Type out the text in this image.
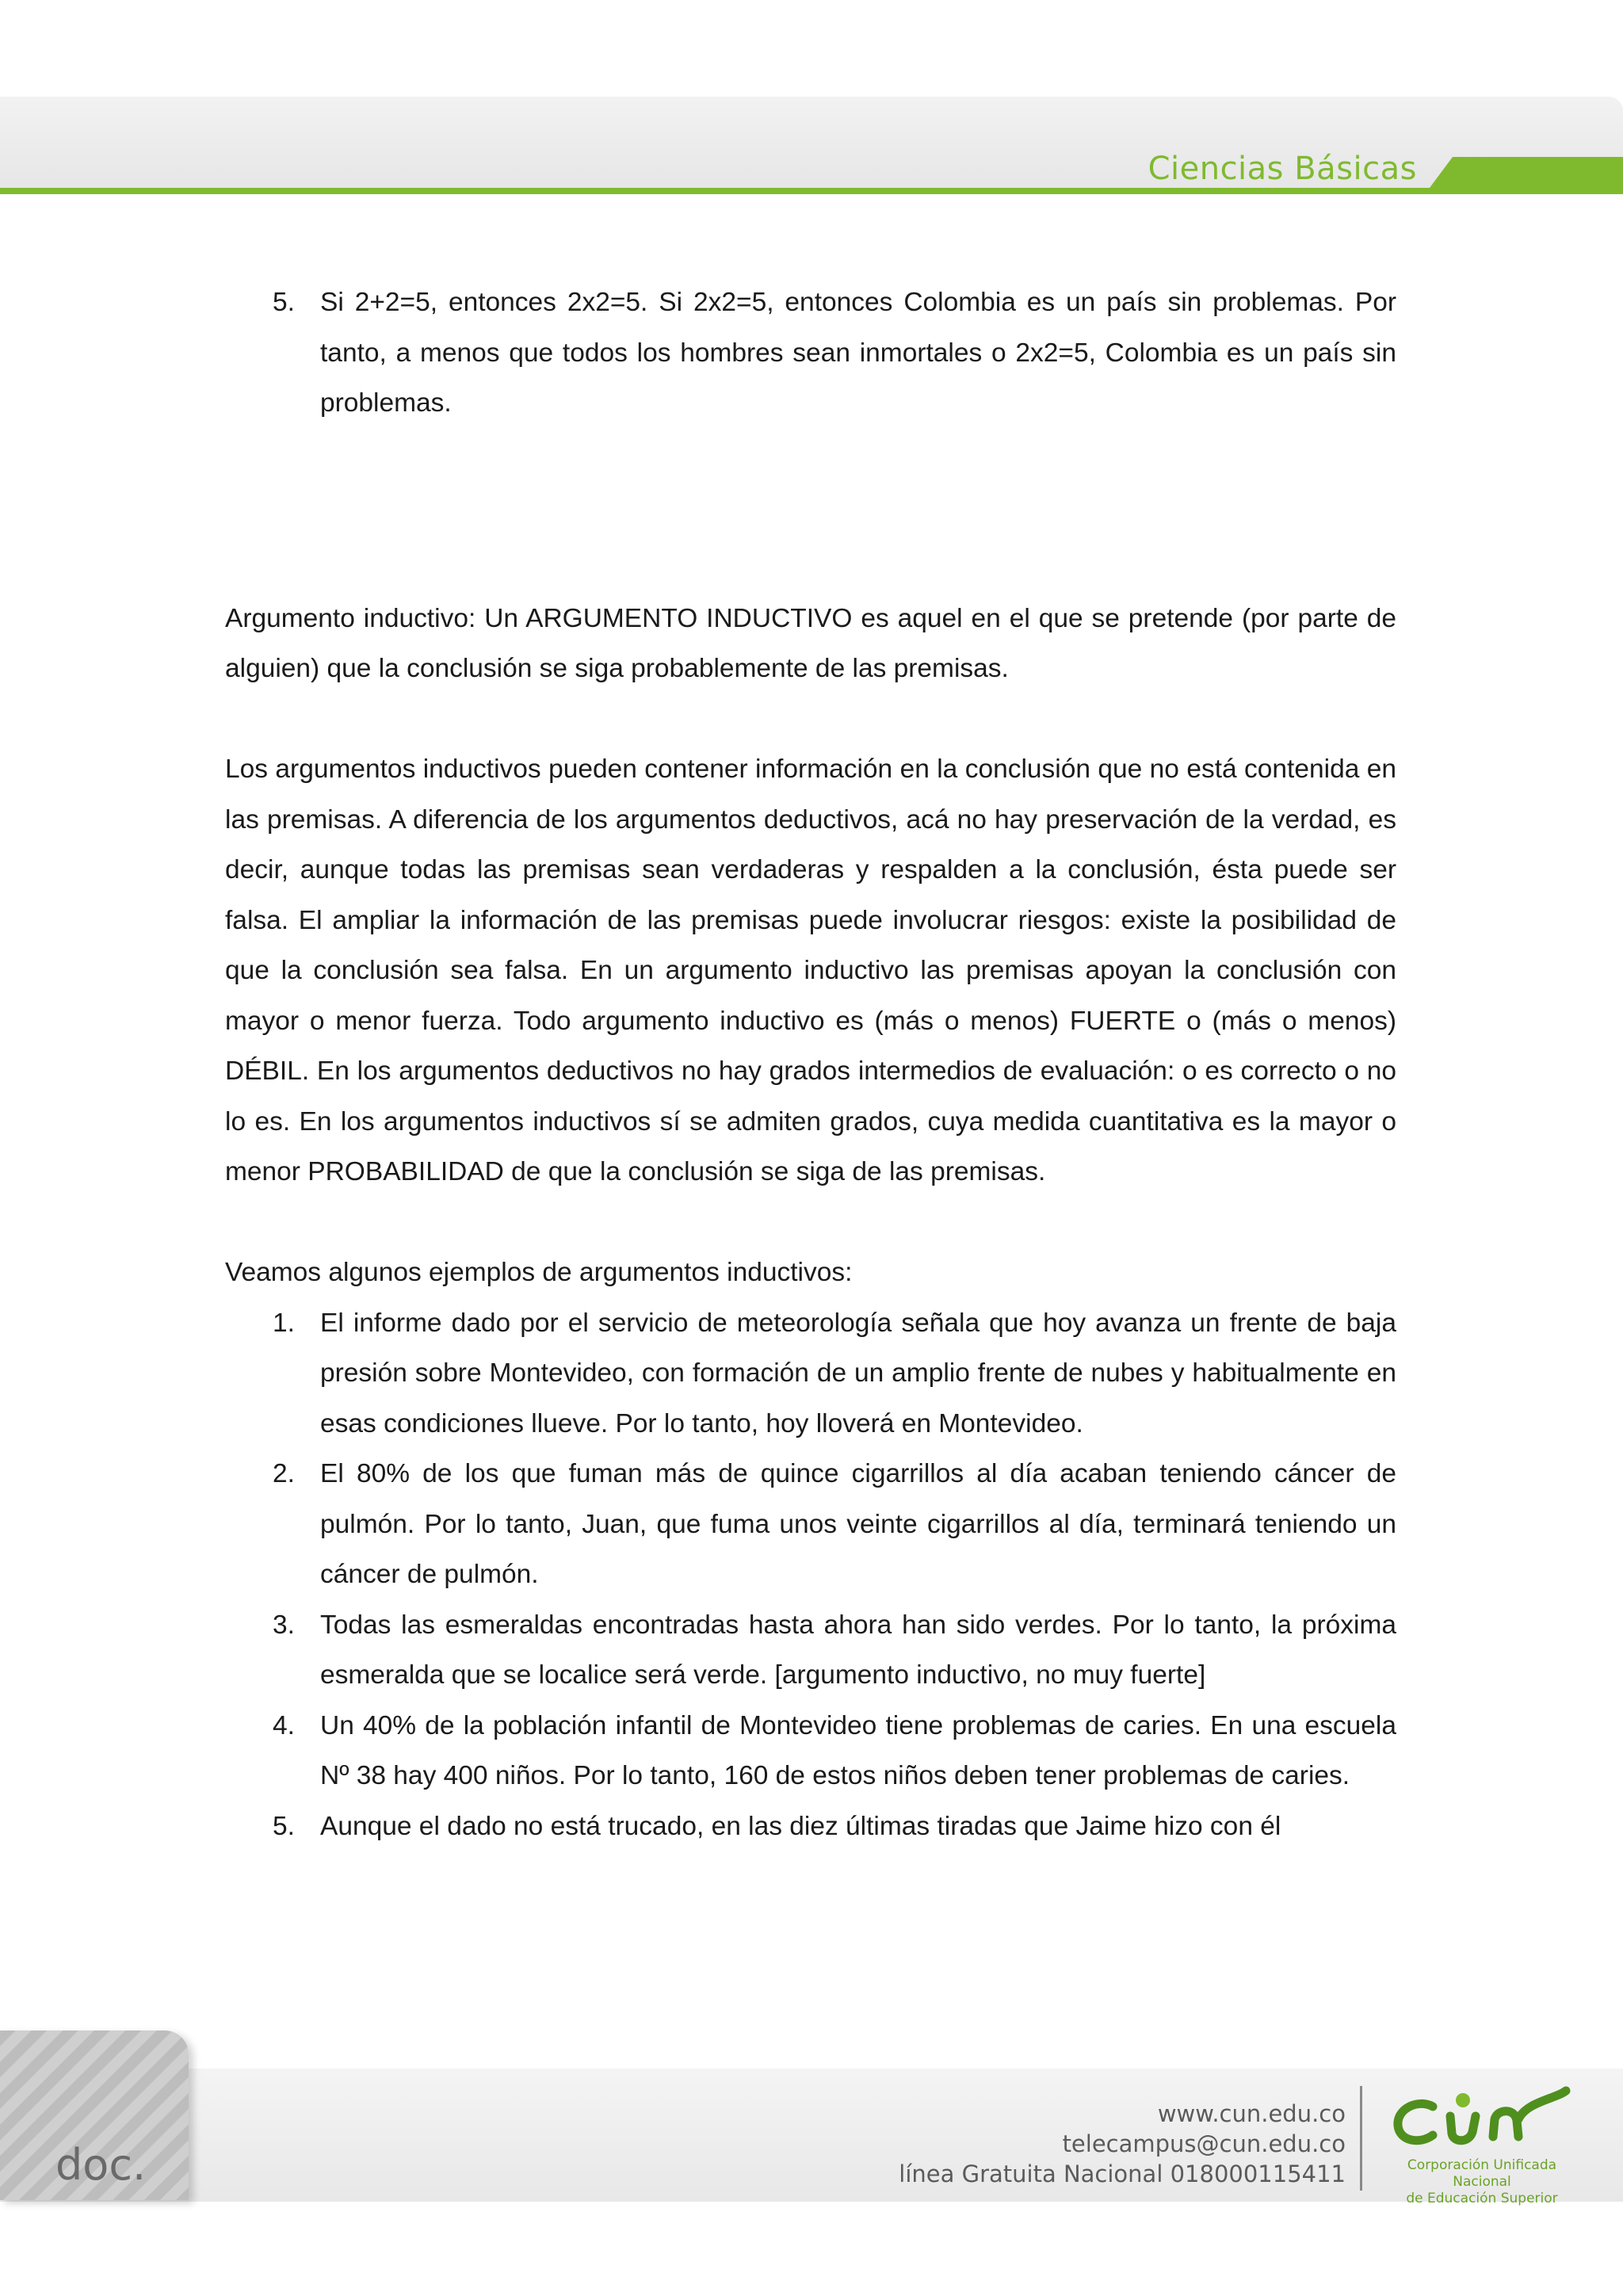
Ciencias Básicas
5. Si 2+2=5, entonces 2x2=5. Si 2x2=5, entonces Colombia es un país sin problemas. Por tanto, a menos que todos los hombres sean inmortales o 2x2=5, Colombia es un país sin problemas.

Argumento inductivo: Un ARGUMENTO INDUCTIVO es aquel en el que se pretende (por parte de alguien) que la conclusión se siga probablemente de las premisas.

Los argumentos inductivos pueden contener información en la conclusión que no está contenida en las premisas. A diferencia de los argumentos deductivos, acá no hay preservación de la verdad, es decir, aunque todas las premisas sean verdaderas y respalden a la conclusión, ésta puede ser falsa. El ampliar la información de las premisas puede involucrar riesgos: existe la posibilidad de que la conclusión sea falsa. En un argumento inductivo las premisas apoyan la conclusión con mayor o menor fuerza. Todo argumento inductivo es (más o menos) FUERTE o (más o menos) DÉBIL. En los argumentos deductivos no hay grados intermedios de evaluación: o es correcto o no lo es. En los argumentos inductivos sí se admiten grados, cuya medida cuantitativa es la mayor o menor PROBABILIDAD de que la conclusión se siga de las premisas.

Veamos algunos ejemplos de argumentos inductivos:

1. El informe dado por el servicio de meteorología señala que hoy avanza un frente de baja presión sobre Montevideo, con formación de un amplio frente de nubes y habitualmente en esas condiciones llueve. Por lo tanto, hoy lloverá en Montevideo.
2. El 80% de los que fuman más de quince cigarrillos al día acaban teniendo cáncer de pulmón. Por lo tanto, Juan, que fuma unos veinte cigarrillos al día, terminará teniendo un cáncer de pulmón.
3. Todas las esmeraldas encontradas hasta ahora han sido verdes. Por lo tanto, la próxima esmeralda que se localice será verde. [argumento inductivo, no muy fuerte]
4. Un 40% de la población infantil de Montevideo tiene problemas de caries. En una escuela Nº 38 hay 400 niños. Por lo tanto, 160 de estos niños deben tener problemas de caries.
5. Aunque el dado no está trucado, en las diez últimas tiradas que Jaime hizo con él
doc.
www.cun.edu.co
telecampus@cun.edu.co
línea Gratuita Nacional 018000115411	Corporación Unificada Nacional
de Educación Superior
